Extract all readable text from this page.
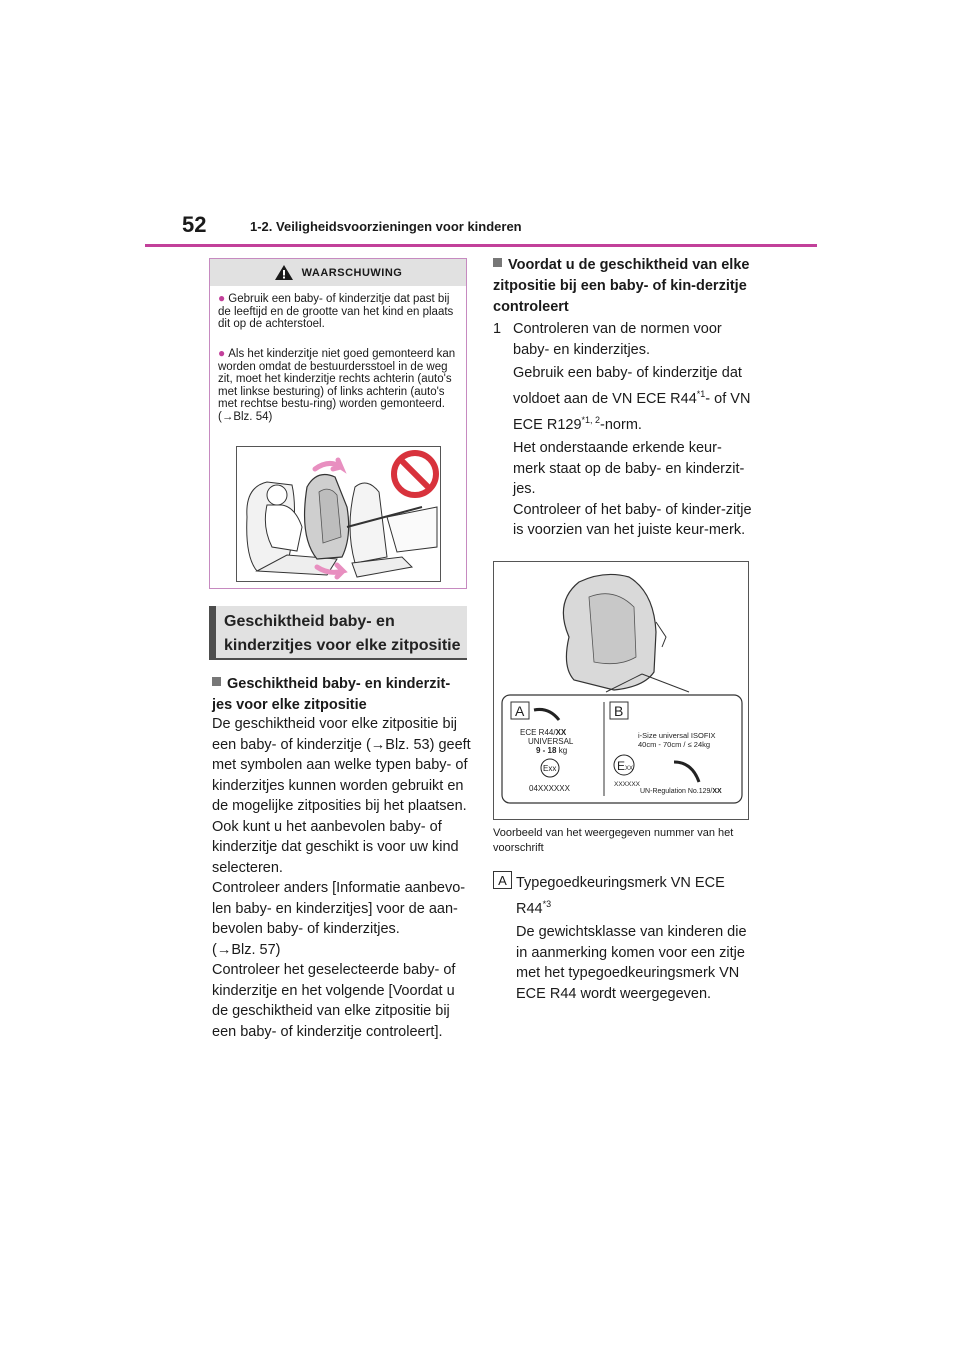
52	1-2. Veiligheidsvoorzieningen voor kinderen
WAARSCHUWING
● Gebruik een baby- of kinderzitje dat past bij de leeftijd en de grootte van het kind en plaats dit op de achterstoel.
● Als het kinderzitje niet goed gemonteerd kan worden omdat de bestuurdersstoel in de weg zit, moet het kinderzitje rechts achterin (auto's met linkse besturing) of links achterin (auto's met rechtse bestu-ring) worden gemonteerd. (→Blz. 54)
Geschiktheid baby- en kinderzitjes voor elke zitpositie
Geschiktheid baby- en kinderzit-jes voor elke zitpositie
De geschiktheid voor elke zitpositie bij een baby- of kinderzitje (→Blz. 53) geeft met symbolen aan welke typen baby- of kinderzitjes kunnen worden gebruikt en de mogelijke zitposities bij het plaatsen.
Ook kunt u het aanbevolen baby- of kinderzitje dat geschikt is voor uw kind selecteren.
Controleer anders [Informatie aanbevo-len baby- en kinderzitjes] voor de aan-bevolen baby- of kinderzitjes.
(→Blz. 57)
Controleer het geselecteerde baby- of kinderzitje en het volgende [Voordat u de geschiktheid van elke zitpositie bij een baby- of kinderzitje controleert].
Voordat u de geschiktheid van elke zitpositie bij een baby- of kin-derzitje controleert
1 Controleren van de normen voor baby- en kinderzitjes.
Gebruik een baby- of kinderzitje dat voldoet aan de VN ECE R44$^{*1}$- of VN ECE R129$^{*1, 2}$-norm.
Het onderstaande erkende keur-merk staat op de baby- en kinderzit-jes.
Controleer of het baby- of kinder-zitje is voorzien van het juiste keur-merk.
A	B
ECE R44/XX
UNIVERSAL
9 - 18 kg
Exx
04XXXXXX
i-Size universal ISOFIX
40cm - 70cm / ≤ 24kg
EXX
XXXXXX
UN-Regulation No.129/XX
Voorbeeld van het weergegeven nummer van het voorschrift
A Typegoedkeuringsmerk VN ECE R44$^{*3}$
De gewichtsklasse van kinderen die in aanmerking komen voor een zitje met het typegoedkeuringsmerk VN ECE R44 wordt weergegeven.
